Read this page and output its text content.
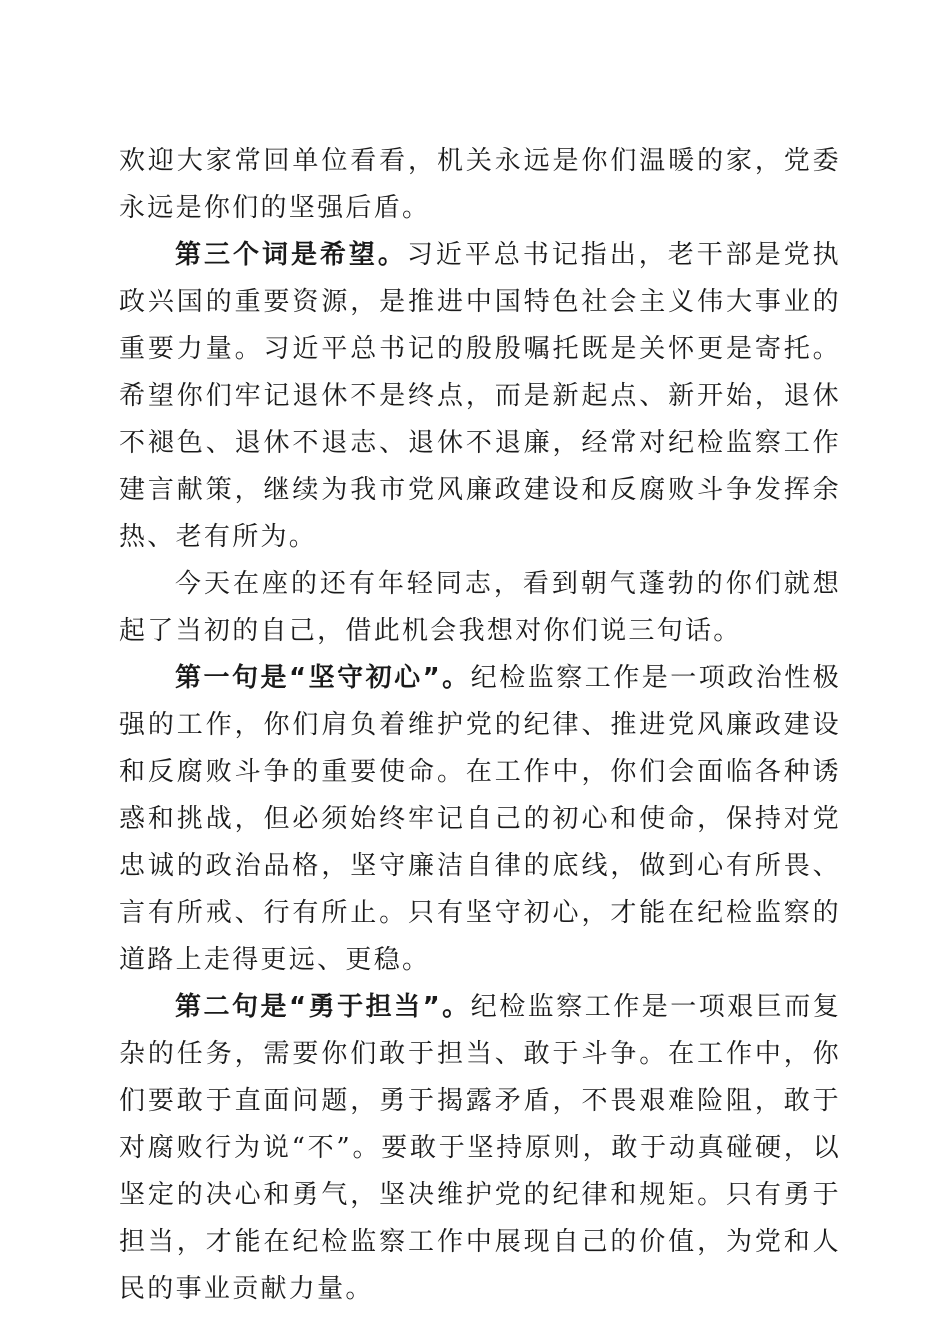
欢迎大家常回单位看看，机关永远是你们温暖的家，党委永远是你们的坚强后盾。

第三个词是希望。习近平总书记指出，老干部是党执政兴国的重要资源，是推进中国特色社会主义伟大事业的重要力量。习近平总书记的殷殷嘱托既是关怀更是寄托。希望你们牢记退休不是终点，而是新起点、新开始，退休不褪色、退休不退志、退休不退廉，经常对纪检监察工作建言献策，继续为我市党风廉政建设和反腐败斗争发挥余热、老有所为。

今天在座的还有年轻同志，看到朝气蓬勃的你们就想起了当初的自己，借此机会我想对你们说三句话。

第一句是“坚守初心”。纪检监察工作是一项政治性极强的工作，你们肩负着维护党的纪律、推进党风廉政建设和反腐败斗争的重要使命。在工作中，你们会面临各种诱惑和挑战，但必须始终牢记自己的初心和使命，保持对党忠诚的政治品格，坚守廉洁自律的底线，做到心有所畏、言有所戒、行有所止。只有坚守初心，才能在纪检监察的道路上走得更远、更稳。

第二句是“勇于担当”。纪检监察工作是一项艰巨而复杂的任务，需要你们敢于担当、敢于斗争。在工作中，你们要敢于直面问题，勇于揭露矛盾，不畏艰难险阻，敢于对腐败行为说“不”。要敢于坚持原则，敢于动真碰硬，以坚定的决心和勇气，坚决维护党的纪律和规矩。只有勇于担当，才能在纪检监察工作中展现自己的价值，为党和人民的事业贡献力量。
